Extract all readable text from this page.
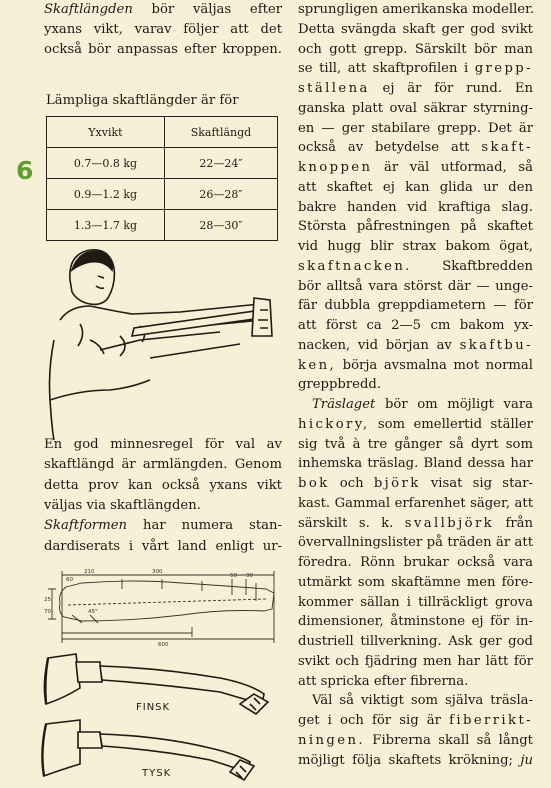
6
Skaftlängden bör väljas efter
yxans vikt, varav följer att det
också bör anpassas efter kroppen.
Lämpliga skaftlängder är för
Yxvikt	Skaftlängd
0.7—0.8 kg	22—24″
0.9—1.2 kg	26—28″
1.3—1.7 kg	28—30″
En god minnesregel för val av
skaftlängd är armlängden. Genom
detta prov kan också yxans vikt
väljas via skaftlängden.
Skaftformen har numera stan-
dardiserats i vårt land enligt ur-
210
60
300
600
50 30
45°
25
70
FINSK
TYSK
sprungligen amerikanska modeller.
Detta svängda skaft ger god svikt
och gott grepp. Särskilt bör man
se till, att skaftprofilen i grepp-
ställena ej är för rund. En
ganska platt oval säkrar styrning-
en — ger stabilare grepp. Det är
också av betydelse att skaft-
knoppen är väl utformad, så
att skaftet ej kan glida ur den
bakre handen vid kraftiga slag.
Största påfrestningen på skaftet
vid hugg blir strax bakom ögat,
skaftnacken. Skaftbredden
bör alltså vara störst där — unge-
fär dubbla greppdiametern — för
att först ca 2—5 cm bakom yx-
nacken, vid början av skaftbu-
ken, börja avsmalna mot normal
greppbredd.
Träslaget bör om möjligt vara
hickory, som emellertid ställer
sig två à tre gånger så dyrt som
inhemska träslag. Bland dessa har
bok och björk visat sig star-
kast. Gammal erfarenhet säger, att
särskilt s. k. svallbjörk från
övervallningslister på träden är att
föredra. Rönn brukar också vara
utmärkt som skaftämne men före-
kommer sällan i tillräckligt grova
dimensioner, åtminstone ej för in-
dustriell tillverkning. Ask ger god
svikt och fjädring men har lätt för
att spricka efter fibrerna.
Väl så viktigt som själva träsla-
get i och för sig är fiberrikt-
ningen. Fibrerna skall så långt
möjligt följa skaftets krökning; ju
